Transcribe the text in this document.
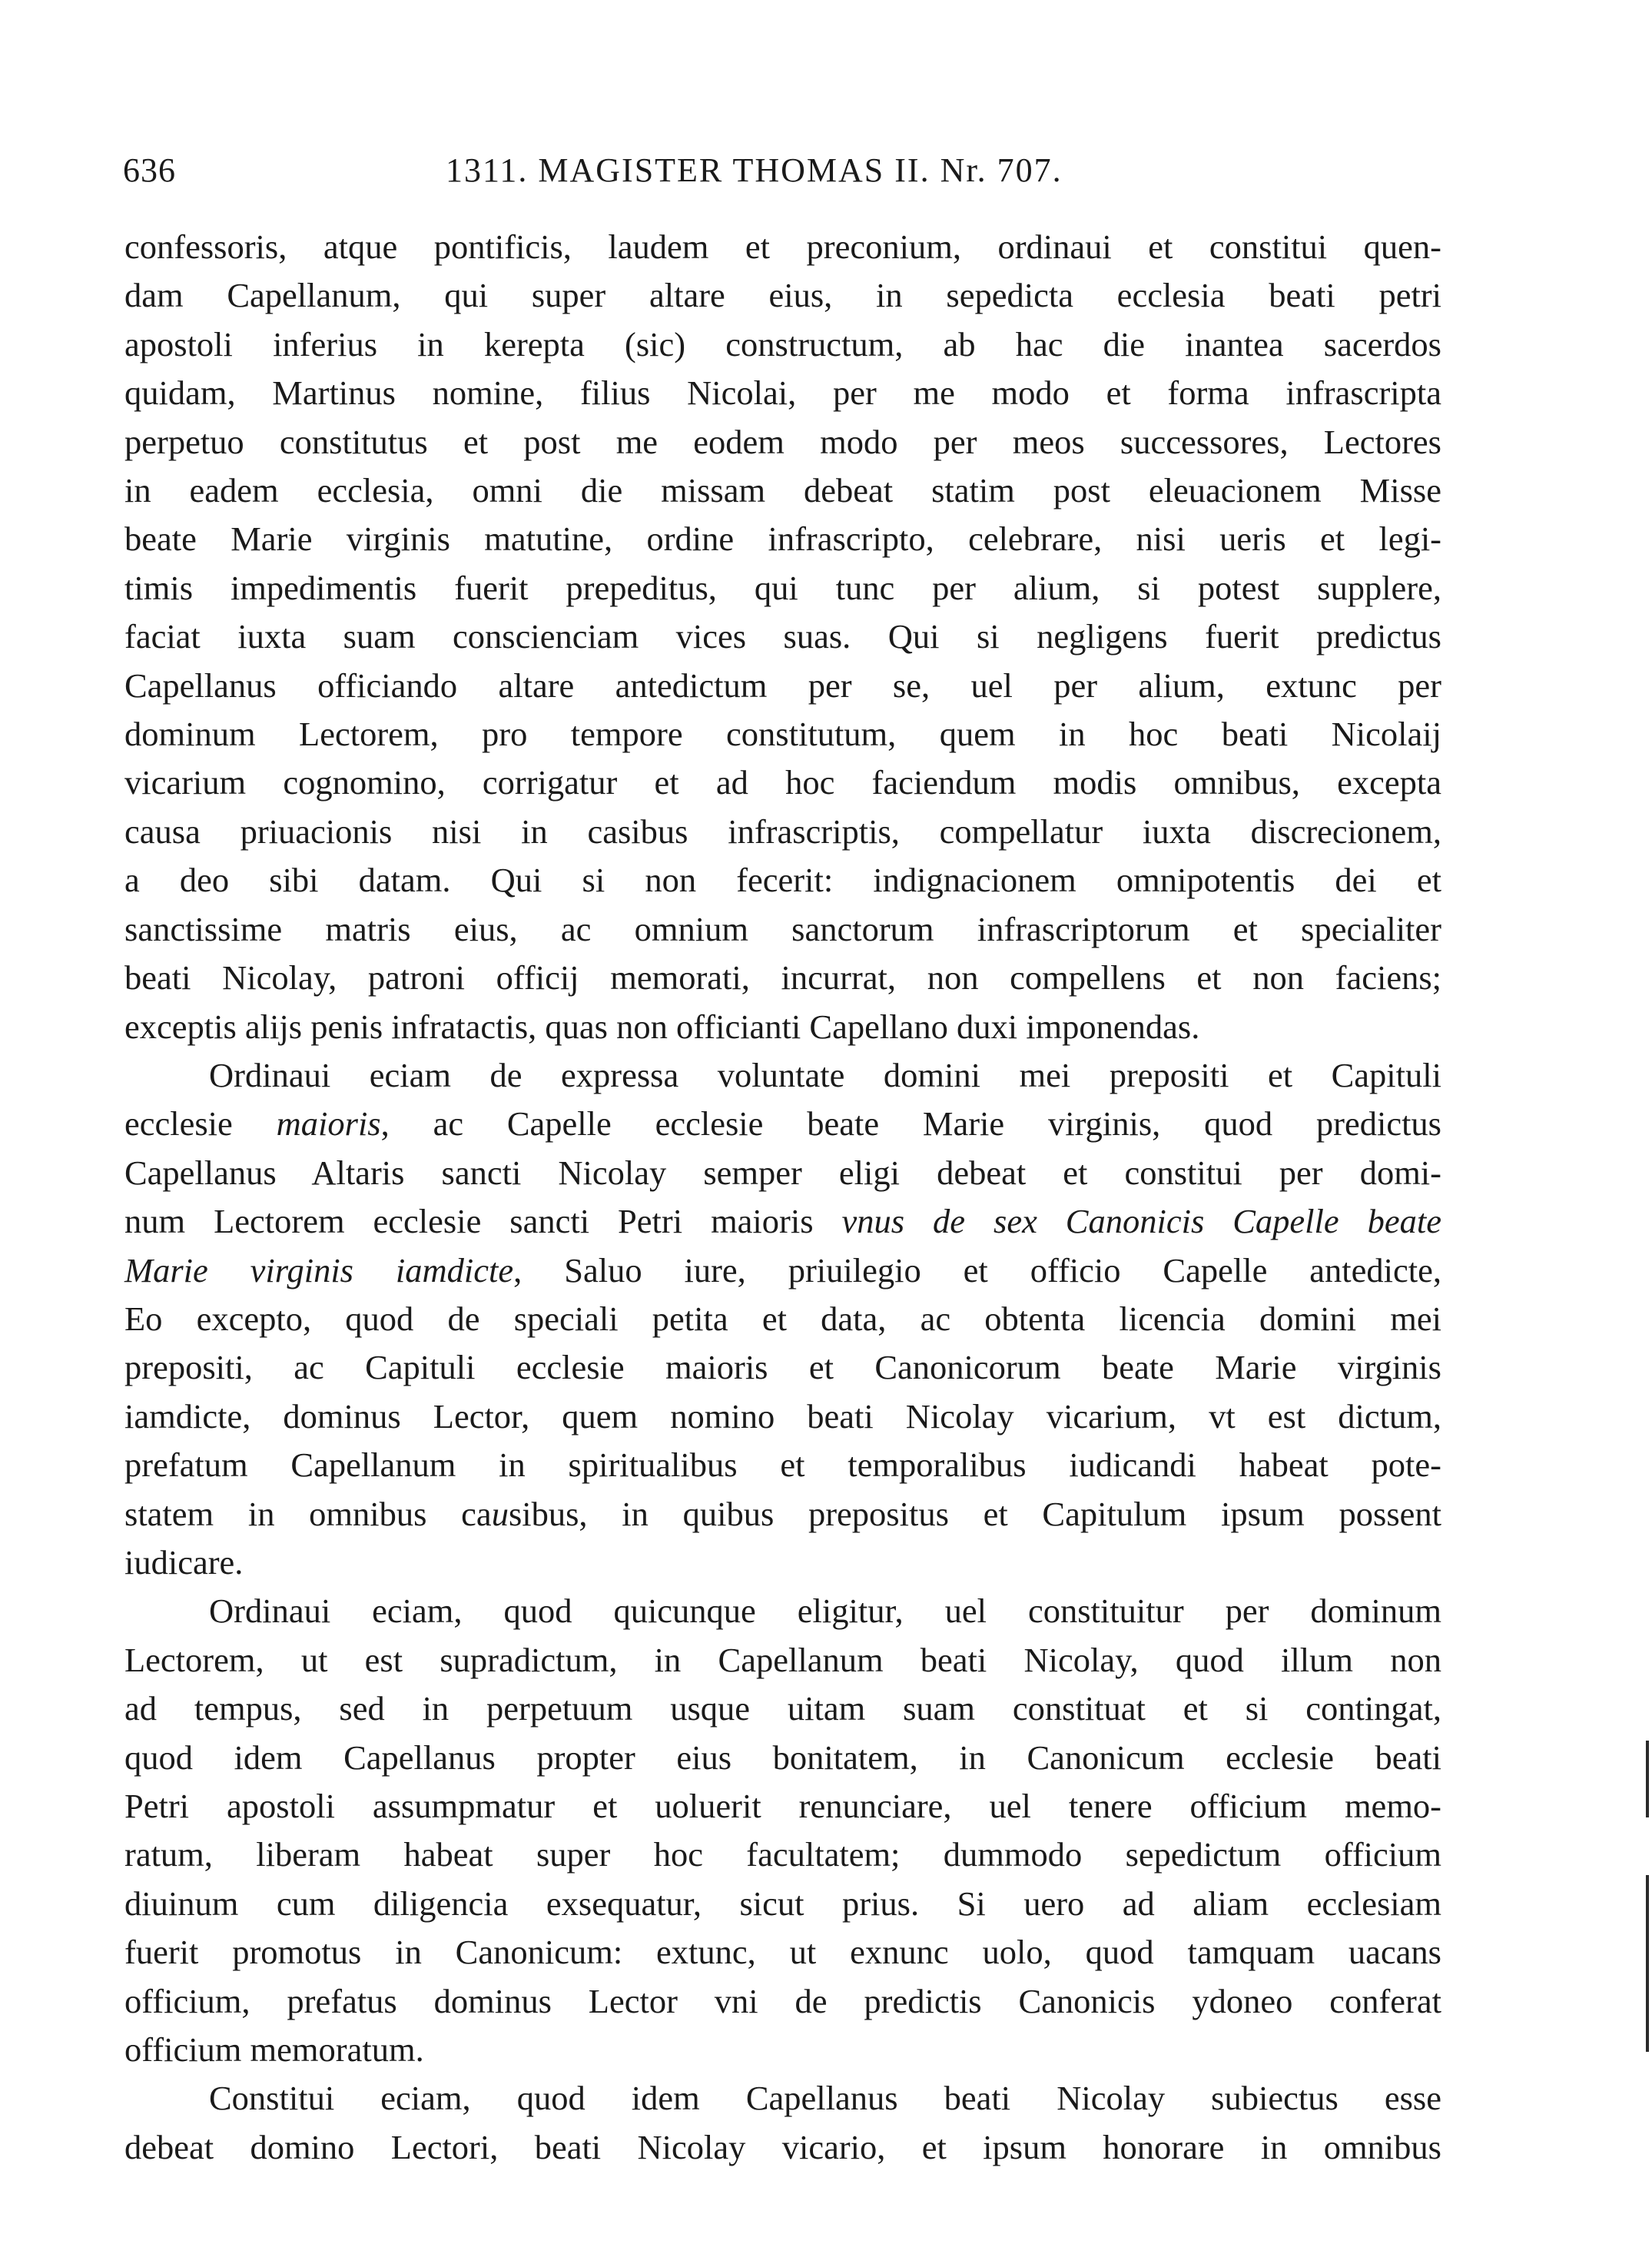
636	1311. MAGISTER THOMAS II. Nr. 707.
confessoris, atque pontificis, laudem et preconium, ordinaui et constitui quen-
dam Capellanum, qui super altare eius, in sepedicta ecclesia beati petri
apostoli inferius in kerepta (sic) constructum, ab hac die inantea sacerdos
quidam, Martinus nomine, filius Nicolai, per me modo et forma infrascripta
perpetuo constitutus et post me eodem modo per meos successores, Lectores
in eadem ecclesia, omni die missam debeat statim post eleuacionem Misse
beate Marie virginis matutine, ordine infrascripto, celebrare, nisi ueris et legi-
timis impedimentis fuerit prepeditus, qui tunc per alium, si potest supplere,
faciat iuxta suam conscienciam vices suas. Qui si negligens fuerit predictus
Capellanus officiando altare antedictum per se, uel per alium, extunc per
dominum Lectorem, pro tempore constitutum, quem in hoc beati Nicolaij
vicarium cognomino, corrigatur et ad hoc faciendum modis omnibus, excepta
causa priuacionis nisi in casibus infrascriptis, compellatur iuxta discrecionem,
a deo sibi datam. Qui si non fecerit: indignacionem omnipotentis dei et
sanctissime matris eius, ac omnium sanctorum infrascriptorum et specialiter
beati Nicolay, patroni officij memorati, incurrat, non compellens et non faciens;
exceptis alijs penis infratactis, quas non officianti Capellano duxi imponendas.
Ordinaui eciam de expressa voluntate domini mei prepositi et Capituli
ecclesie maioris, ac Capelle ecclesie beate Marie virginis, quod predictus
Capellanus Altaris sancti Nicolay semper eligi debeat et constitui per domi-
num Lectorem ecclesie sancti Petri maioris vnus de sex Canonicis Capelle beate
Marie virginis iamdicte, Saluo iure, priuilegio et officio Capelle antedicte,
Eo excepto, quod de speciali petita et data, ac obtenta licencia domini mei
prepositi, ac Capituli ecclesie maioris et Canonicorum beate Marie virginis
iamdicte, dominus Lector, quem nomino beati Nicolay vicarium, vt est dictum,
prefatum Capellanum in spiritualibus et temporalibus iudicandi habeat pote-
statem in omnibus causibus, in quibus prepositus et Capitulum ipsum possent
iudicare.
Ordinaui eciam, quod quicunque eligitur, uel constituitur per dominum
Lectorem, ut est supradictum, in Capellanum beati Nicolay, quod illum non
ad tempus, sed in perpetuum usque uitam suam constituat et si contingat,
quod idem Capellanus propter eius bonitatem, in Canonicum ecclesie beati
Petri apostoli assumpmatur et uoluerit renunciare, uel tenere officium memo-
ratum, liberam habeat super hoc facultatem; dummodo sepedictum officium
diuinum cum diligencia exsequatur, sicut prius. Si uero ad aliam ecclesiam
fuerit promotus in Canonicum: extunc, ut exnunc uolo, quod tamquam uacans
officium, prefatus dominus Lector vni de predictis Canonicis ydoneo conferat
officium memoratum.
Constitui eciam, quod idem Capellanus beati Nicolay subiectus esse
debeat domino Lectori, beati Nicolay vicario, et ipsum honorare in omnibus
